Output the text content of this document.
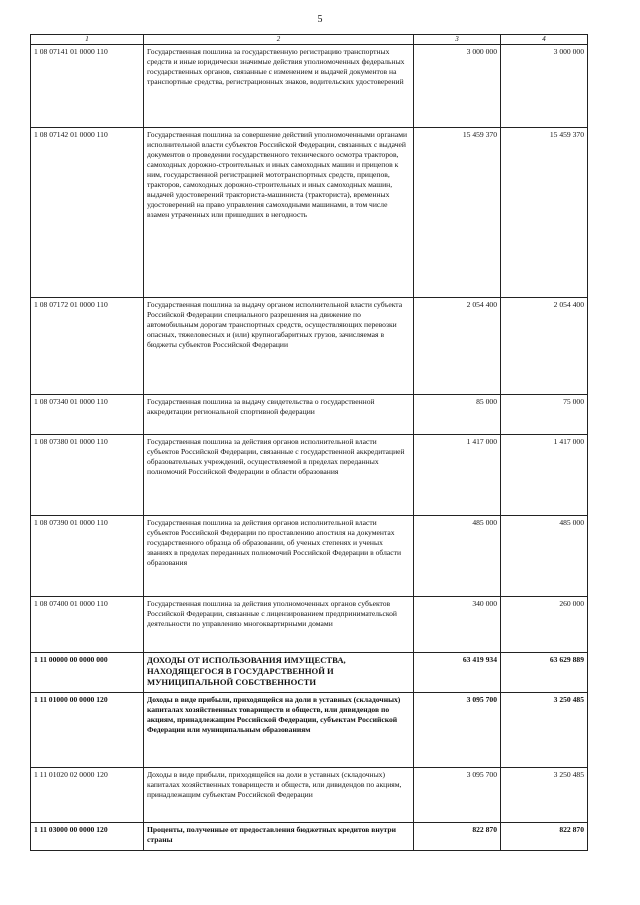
5
1	2	3	4
1 08 07141 01 0000 110	Государственная пошлина за государственную регистрацию транспортных средств и иные юридически значимые действия уполномоченных федеральных государственных органов, связанные с изменением и выдачей документов на транспортные средства, регистрационных знаков, водительских удостоверений	3 000 000	3 000 000
1 08 07142 01 0000 110	Государственная пошлина за совершение действий уполномоченными органами исполнительной власти субъектов Российской Федерации, связанных с выдачей документов о проведении государственного технического осмотра тракторов, самоходных дорожно-строительных и иных самоходных машин и прицепов к ним, государственной регистрацией мототранспортных средств, прицепов, тракторов, самоходных дорожно-строительных и иных самоходных машин, выдачей удостоверений тракториста-машиниста (тракториста), временных удостоверений на право управления самоходными машинами, в том числе взамен утраченных или пришедших в негодность	15 459 370	15 459 370
1 08 07172 01 0000 110	Государственная пошлина за выдачу органом исполнительной власти субъекта Российской Федерации специального разрешения на движение по автомобильным дорогам транспортных средств, осуществляющих перевозки опасных, тяжеловесных и (или) крупногабаритных грузов, зачисляемая в бюджеты субъектов Российской Федерации	2 054 400	2 054 400
1 08 07340 01 0000 110	Государственная пошлина за выдачу свидетельства о государственной аккредитации региональной спортивной федерации	85 000	75 000
1 08 07380 01 0000 110	Государственная пошлина за действия органов исполнительной власти субъектов Российской Федерации, связанные с государственной аккредитацией образовательных учреждений, осуществляемой в пределах переданных полномочий Российской Федерации в области образования	1 417 000	1 417 000
1 08 07390 01 0000 110	Государственная пошлина за действия органов исполнительной власти субъектов Российской Федерации по проставлению апостиля на документах государственного образца об образовании, об ученых степенях и ученых званиях в пределах переданных полномочий Российской Федерации в области образования	485 000	485 000
1 08 07400 01 0000 110	Государственная пошлина за действия уполномоченных органов субъектов Российской Федерации, связанные с лицензированием предпринимательской деятельности по управлению многоквартирными домами	340 000	260 000
1 11 00000 00 0000 000	ДОХОДЫ ОТ ИСПОЛЬЗОВАНИЯ ИМУЩЕСТВА, НАХОДЯЩЕГОСЯ В ГОСУДАРСТВЕННОЙ И МУНИЦИПАЛЬНОЙ СОБСТВЕННОСТИ	63 419 934	63 629 889
1 11 01000 00 0000 120	Доходы в виде прибыли, приходящейся на доли в уставных (складочных) капиталах хозяйственных товариществ и обществ, или дивидендов по акциям, принадлежащим Российской Федерации, субъектам Российской Федерации или муниципальным образованиям	3 095 700	3 250 485
1 11 01020 02 0000 120	Доходы в виде прибыли, приходящейся на доли в уставных (складочных) капиталах хозяйственных товариществ и обществ, или дивидендов по акциям, принадлежащим субъектам Российской Федерации	3 095 700	3 250 485
1 11 03000 00 0000 120	Проценты, полученные от предоставления бюджетных кредитов внутри страны	822 870	822 870
